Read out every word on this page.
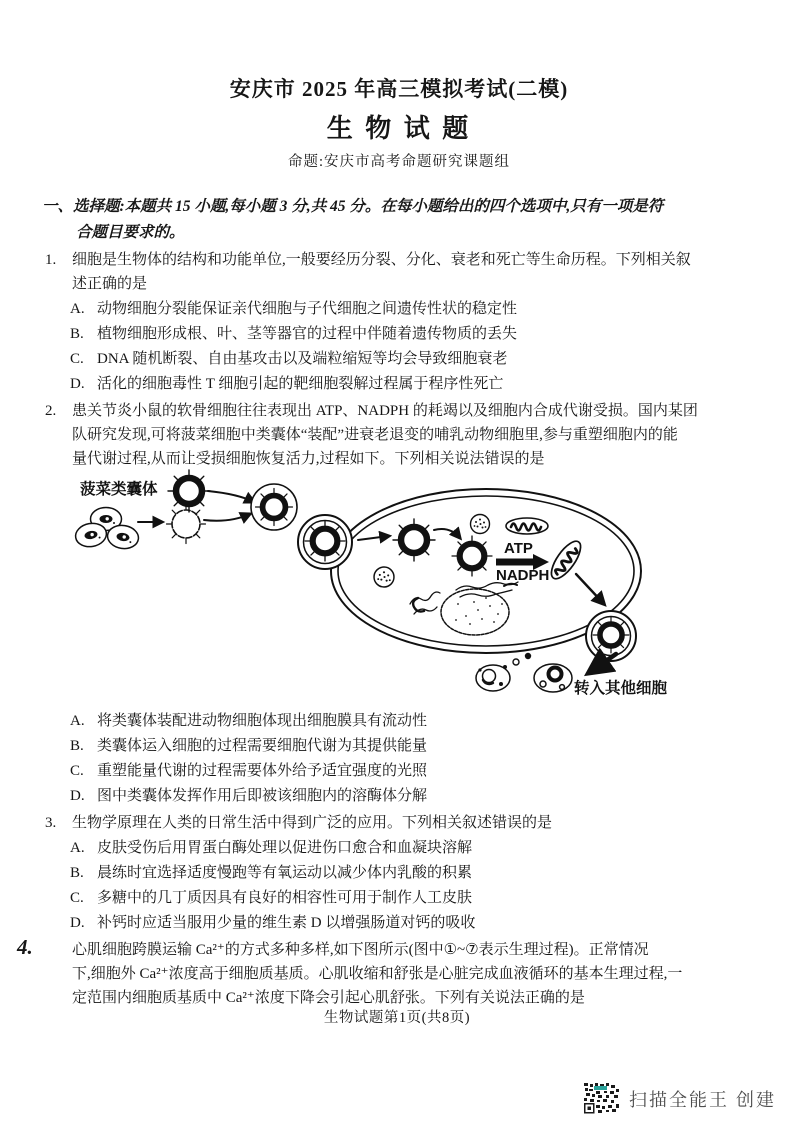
安庆市 2025 年高三模拟考试(二模)
生 物 试 题
命题:安庆市高考命题研究课题组
一、选择题:本题共 15 小题,每小题 3 分,共 45 分。在每小题给出的四个选项中,只有一项是符
合题目要求的。
1. 细胞是生物体的结构和功能单位,一般要经历分裂、分化、衰老和死亡等生命历程。下列相关叙
述正确的是
A. 动物细胞分裂能保证亲代细胞与子代细胞之间遗传性状的稳定性
B. 植物细胞形成根、叶、茎等器官的过程中伴随着遗传物质的丢失
C. DNA 随机断裂、自由基攻击以及端粒缩短等均会导致细胞衰老
D. 活化的细胞毒性 T 细胞引起的靶细胞裂解过程属于程序性死亡
2. 患关节炎小鼠的软骨细胞往往表现出 ATP、NADPH 的耗竭以及细胞内合成代谢受损。国内某团
队研究发现,可将菠菜细胞中类囊体“装配”进衰老退变的哺乳动物细胞里,参与重塑细胞内的能
量代谢过程,从而让受损细胞恢复活力,过程如下。下列相关说法错误的是
菠菜类囊体
ATP
NADPH
转入其他细胞
A. 将类囊体装配进动物细胞体现出细胞膜具有流动性
B. 类囊体运入细胞的过程需要细胞代谢为其提供能量
C. 重塑能量代谢的过程需要体外给予适宜强度的光照
D. 图中类囊体发挥作用后即被该细胞内的溶酶体分解
3. 生物学原理在人类的日常生活中得到广泛的应用。下列相关叙述错误的是
A. 皮肤受伤后用胃蛋白酶处理以促进伤口愈合和血凝块溶解
B. 晨练时宜选择适度慢跑等有氧运动以减少体内乳酸的积累
C. 多糖中的几丁质因具有良好的相容性可用于制作人工皮肤
D. 补钙时应适当服用少量的维生素 D 以增强肠道对钙的吸收
4.	心肌细胞跨膜运输 Ca²⁺的方式多种多样,如下图所示(图中①~⑦表示生理过程)。正常情况
下,细胞外 Ca²⁺浓度高于细胞质基质。心肌收缩和舒张是心脏完成血液循环的基本生理过程,一
定范围内细胞质基质中 Ca²⁺浓度下降会引起心肌舒张。下列有关说法正确的是
生物试题第1页(共8页)
扫描全能王 创建
